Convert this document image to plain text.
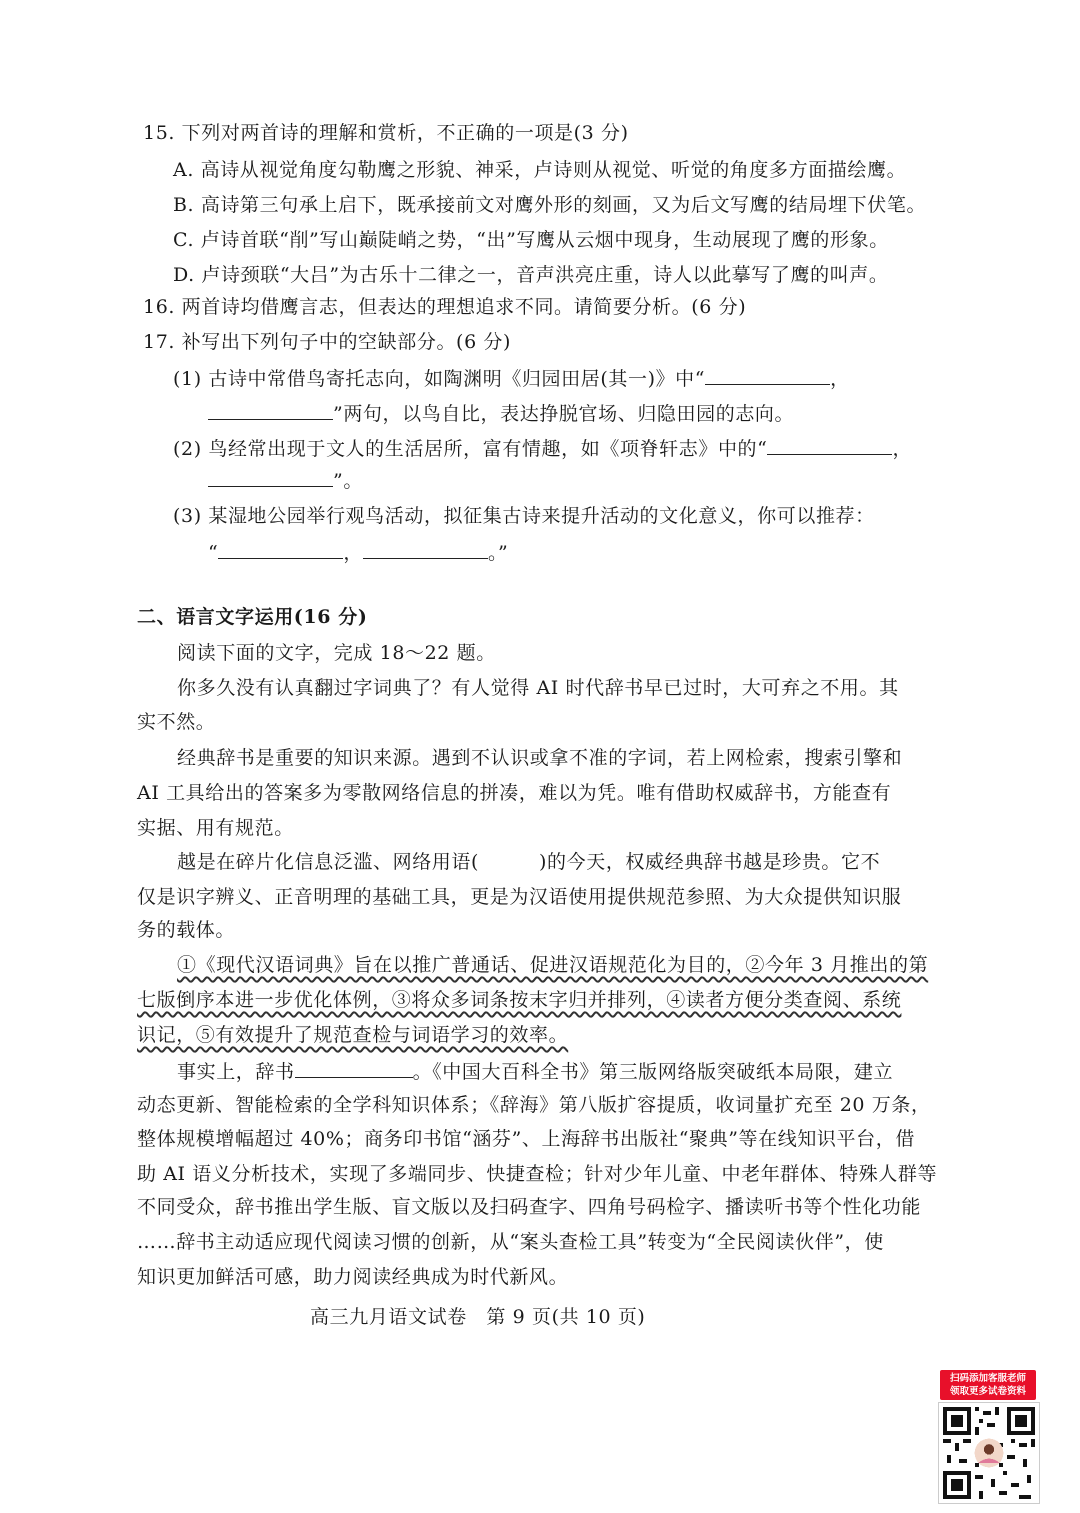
15. 下列对两首诗的理解和赏析，不正确的一项是(3 分)
A. 高诗从视觉角度勾勒鹰之形貌、神采，卢诗则从视觉、听觉的角度多方面描绘鹰。
B. 高诗第三句承上启下，既承接前文对鹰外形的刻画，又为后文写鹰的结局埋下伏笔。
C. 卢诗首联“削”写山巅陡峭之势，“出”写鹰从云烟中现身，生动展现了鹰的形象。
D. 卢诗颈联“大吕”为古乐十二律之一，音声洪亮庄重，诗人以此摹写了鹰的叫声。
16. 两首诗均借鹰言志，但表达的理想追求不同。请简要分析。(6 分)
17. 补写出下列句子中的空缺部分。(6 分)
(1) 古诗中常借鸟寄托志向，如陶渊明《归园田居(其一)》中“	，
”两句，以鸟自比，表达挣脱官场、归隐田园的志向。
(2) 鸟经常出现于文人的生活居所，富有情趣，如《项脊轩志》中的“	，
”。
(3) 某湿地公园举行观鸟活动，拟征集古诗来提升活动的文化意义，你可以推荐：
“	，	。”
二、语言文字运用(16 分)
阅读下面的文字，完成 18～22 题。
你多久没有认真翻过字词典了？有人觉得 AI 时代辞书早已过时，大可弃之不用。其
实不然。
经典辞书是重要的知识来源。遇到不认识或拿不准的字词，若上网检索，搜索引擎和
AI 工具给出的答案多为零散网络信息的拼凑，难以为凭。唯有借助权威辞书，方能查有
实据、用有规范。
越是在碎片化信息泛滥、网络用语(	)的今天，权威经典辞书越是珍贵。它不
仅是识字辨义、正音明理的基础工具，更是为汉语使用提供规范参照、为大众提供知识服
务的载体。
①《现代汉语词典》旨在以推广普通话、促进汉语规范化为目的，②今年 3 月推出的第
七版倒序本进一步优化体例，③将众多词条按末字归并排列，④读者方便分类查阅、系统
识记，⑤有效提升了规范查检与词语学习的效率。
事实上，辞书	。《中国大百科全书》第三版网络版突破纸本局限，建立
动态更新、智能检索的全学科知识体系；《辞海》第八版扩容提质，收词量扩充至 20 万条，
整体规模增幅超过 40%；商务印书馆“涵芬”、上海辞书出版社“聚典”等在线知识平台，借
助 AI 语义分析技术，实现了多端同步、快捷查检；针对少年儿童、中老年群体、特殊人群等
不同受众，辞书推出学生版、盲文版以及扫码查字、四角号码检字、播读听书等个性化功能
……辞书主动适应现代阅读习惯的创新，从“案头查检工具”转变为“全民阅读伙伴”，使
知识更加鲜活可感，助力阅读经典成为时代新风。
高三九月语文试卷　第 9 页(共 10 页)
扫码添加客服老师
领取更多试卷资料
